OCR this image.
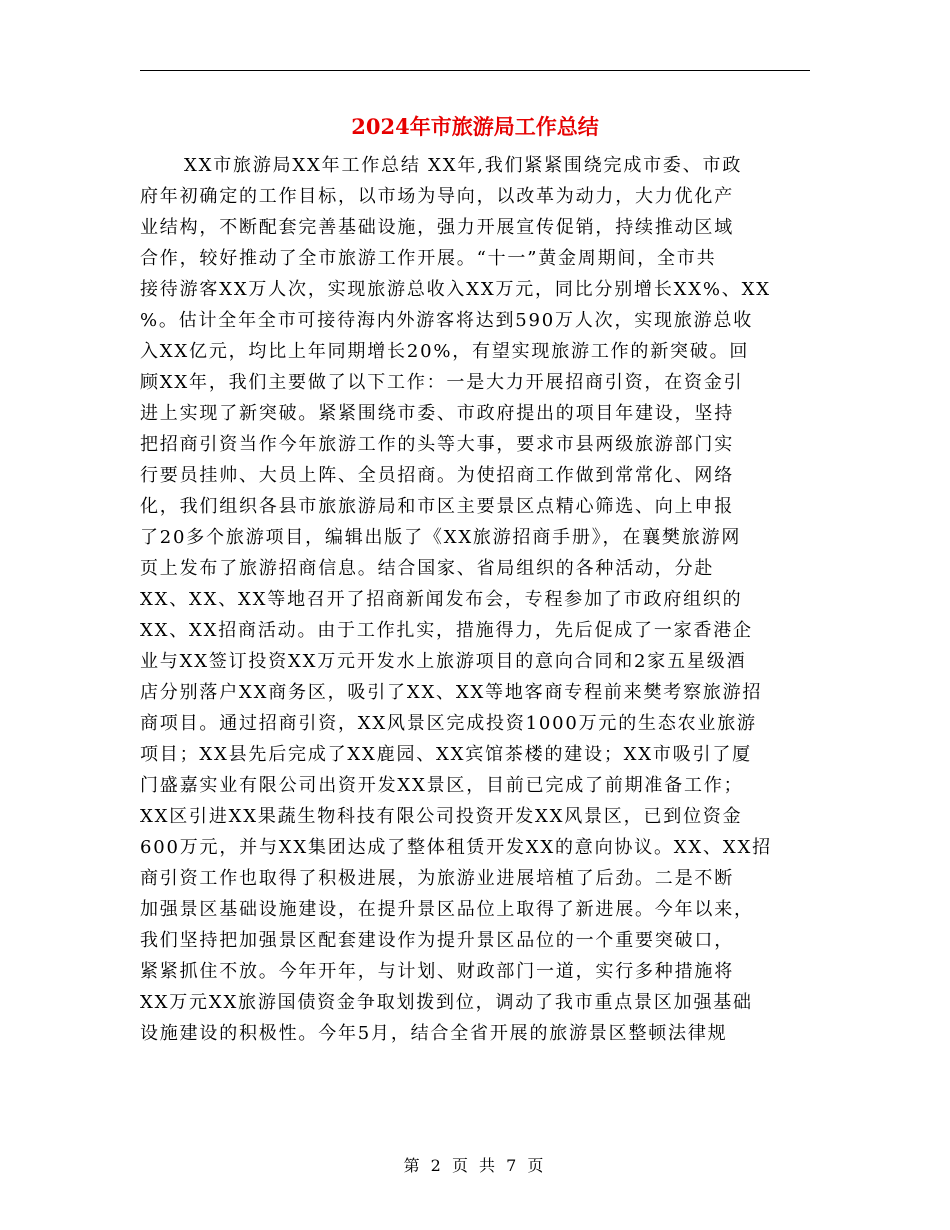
2024年市旅游局工作总结
XX市旅游局XX年工作总结 XX年,我们紧紧围绕完成市委、市政
府年初确定的工作目标，以市场为导向，以改革为动力，大力优化产
业结构，不断配套完善基础设施，强力开展宣传促销，持续推动区域
合作，较好推动了全市旅游工作开展。“十一”黄金周期间，全市共
接待游客XX万人次，实现旅游总收入XX万元，同比分别增长XX%、XX
%。估计全年全市可接待海内外游客将达到590万人次，实现旅游总收
入XX亿元，均比上年同期增长20%，有望实现旅游工作的新突破。回
顾XX年，我们主要做了以下工作：一是大力开展招商引资，在资金引
进上实现了新突破。紧紧围绕市委、市政府提出的项目年建设，坚持
把招商引资当作今年旅游工作的头等大事，要求市县两级旅游部门实
行要员挂帅、大员上阵、全员招商。为使招商工作做到常常化、网络
化，我们组织各县市旅旅游局和市区主要景区点精心筛选、向上申报
了20多个旅游项目，编辑出版了《XX旅游招商手册》，在襄樊旅游网
页上发布了旅游招商信息。结合国家、省局组织的各种活动，分赴
XX、XX、XX等地召开了招商新闻发布会，专程参加了市政府组织的
XX、XX招商活动。由于工作扎实，措施得力，先后促成了一家香港企
业与XX签订投资XX万元开发水上旅游项目的意向合同和2家五星级酒
店分别落户XX商务区，吸引了XX、XX等地客商专程前来樊考察旅游招
商项目。通过招商引资，XX风景区完成投资1000万元的生态农业旅游
项目；XX县先后完成了XX鹿园、XX宾馆茶楼的建设；XX市吸引了厦
门盛嘉实业有限公司出资开发XX景区，目前已完成了前期准备工作；
XX区引进XX果蔬生物科技有限公司投资开发XX风景区，已到位资金
600万元，并与XX集团达成了整体租赁开发XX的意向协议。XX、XX招
商引资工作也取得了积极进展，为旅游业进展培植了后劲。二是不断
加强景区基础设施建设，在提升景区品位上取得了新进展。今年以来，
我们坚持把加强景区配套建设作为提升景区品位的一个重要突破口，
紧紧抓住不放。今年开年，与计划、财政部门一道，实行多种措施将
XX万元XX旅游国债资金争取划拨到位，调动了我市重点景区加强基础
设施建设的积极性。今年5月，结合全省开展的旅游景区整顿法律规
第 2 页 共 7 页
